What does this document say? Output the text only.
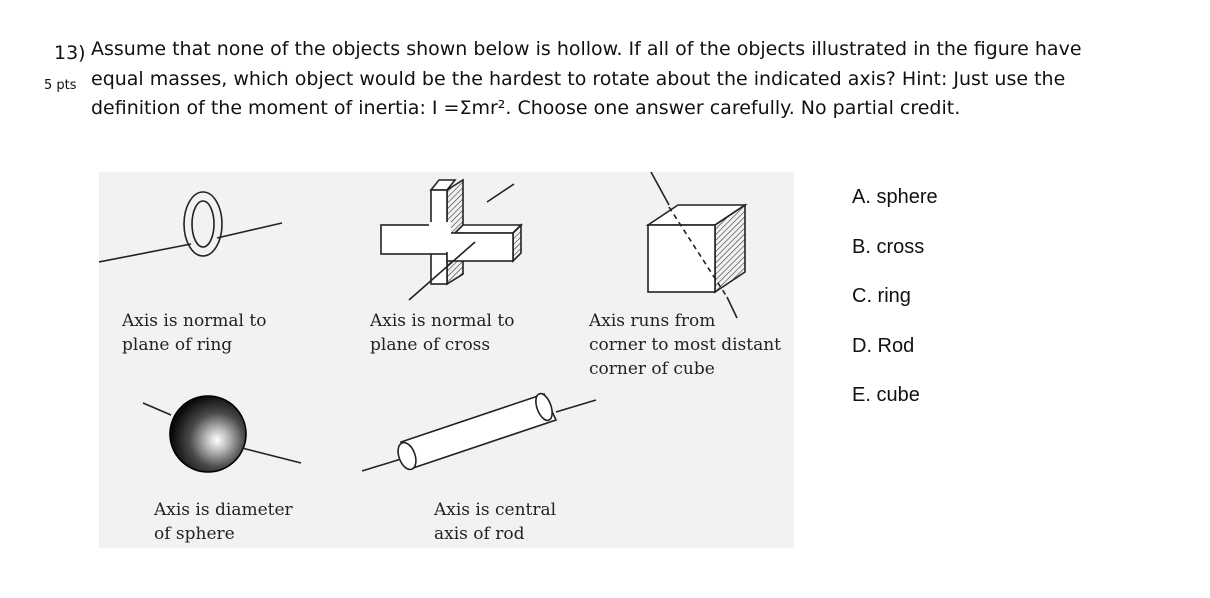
13)
5 pts
Assume that none of the objects shown below is hollow. If all of the objects illustrated in the figure have
equal masses, which object would be the hardest to rotate about the indicated axis? Hint: Just use the
definition of the moment of inertia: I =Σmr². Choose one answer carefully. No partial credit.
Axis is normal to
plane of ring
Axis is normal to
plane of cross
Axis runs from
corner to most distant
corner of cube
Axis is diameter
of sphere
Axis is central
axis of rod
A. sphere
B. cross
C. ring
D. Rod
E. cube
